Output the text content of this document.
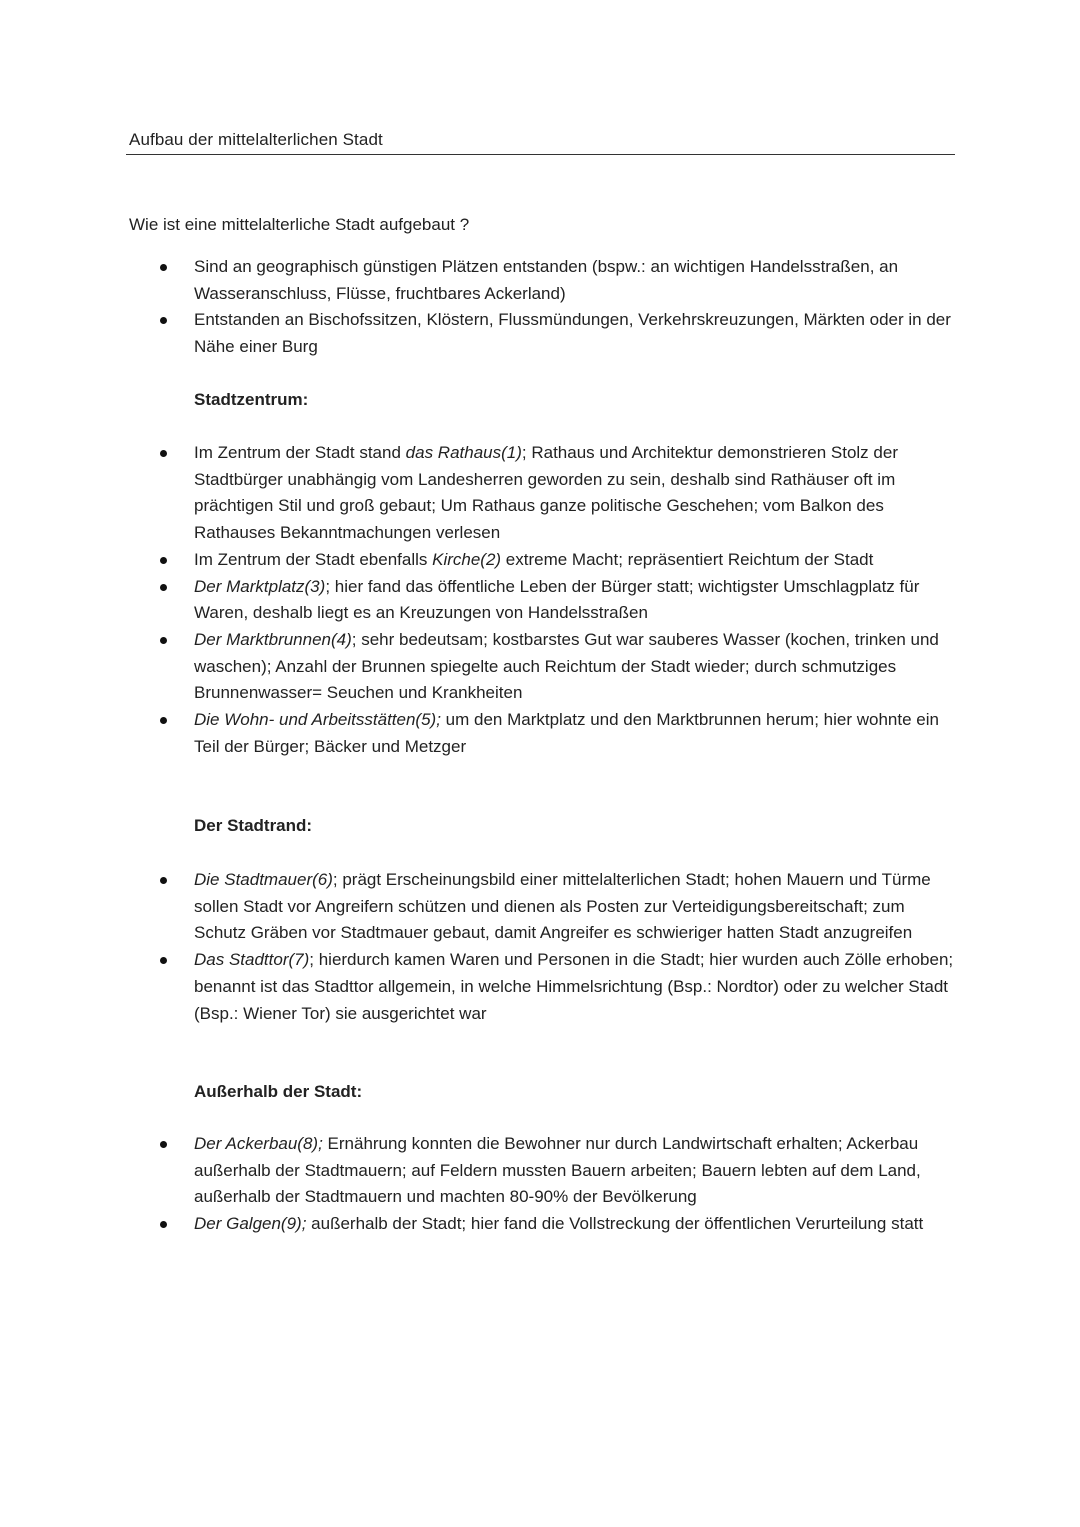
Aufbau der mittelalterlichen Stadt
Wie ist eine mittelalterliche Stadt aufgebaut ?
Sind an geographisch günstigen Plätzen entstanden (bspw.: an wichtigen Handelsstraßen, an Wasseranschluss, Flüsse, fruchtbares Ackerland)
Entstanden an Bischofssitzen, Klöstern, Flussmündungen, Verkehrskreuzungen, Märkten oder in der Nähe einer Burg
Stadtzentrum:
Im Zentrum der Stadt stand das Rathaus(1); Rathaus und Architektur demonstrieren Stolz der Stadtbürger unabhängig vom Landesherren geworden zu sein, deshalb sind Rathäuser oft im prächtigen Stil und groß gebaut; Um Rathaus ganze politische Geschehen; vom Balkon des Rathauses Bekanntmachungen verlesen
Im Zentrum der Stadt ebenfalls Kirche(2) extreme Macht; repräsentiert Reichtum der Stadt
Der Marktplatz(3); hier fand das öffentliche Leben der Bürger statt; wichtigster Umschlagplatz für Waren, deshalb liegt es an Kreuzungen von Handelsstraßen
Der Marktbrunnen(4); sehr bedeutsam; kostbarstes Gut war sauberes Wasser (kochen, trinken und waschen); Anzahl der Brunnen spiegelte auch Reichtum der Stadt wieder; durch schmutziges Brunnenwasser= Seuchen und Krankheiten
Die Wohn- und Arbeitsstätten(5); um den Marktplatz und den Marktbrunnen herum; hier wohnte ein Teil der Bürger; Bäcker und Metzger
Der Stadtrand:
Die Stadtmauer(6); prägt Erscheinungsbild einer mittelalterlichen Stadt; hohen Mauern und Türme sollen Stadt vor Angreifern schützen und dienen als Posten zur Verteidigungsbereitschaft; zum Schutz Gräben vor Stadtmauer gebaut, damit Angreifer es schwieriger hatten Stadt anzugreifen
Das Stadttor(7); hierdurch kamen Waren und Personen in die Stadt; hier wurden auch Zölle erhoben; benannt ist das Stadttor allgemein, in welche Himmelsrichtung (Bsp.: Nordtor) oder zu welcher Stadt (Bsp.: Wiener Tor) sie ausgerichtet war
Außerhalb der Stadt:
Der Ackerbau(8); Ernährung konnten die Bewohner nur durch Landwirtschaft erhalten; Ackerbau außerhalb der Stadtmauern; auf Feldern mussten Bauern arbeiten; Bauern lebten auf dem Land, außerhalb der Stadtmauern und machten 80-90% der Bevölkerung
Der Galgen(9); außerhalb der Stadt; hier fand die Vollstreckung der öffentlichen Verurteilung statt
